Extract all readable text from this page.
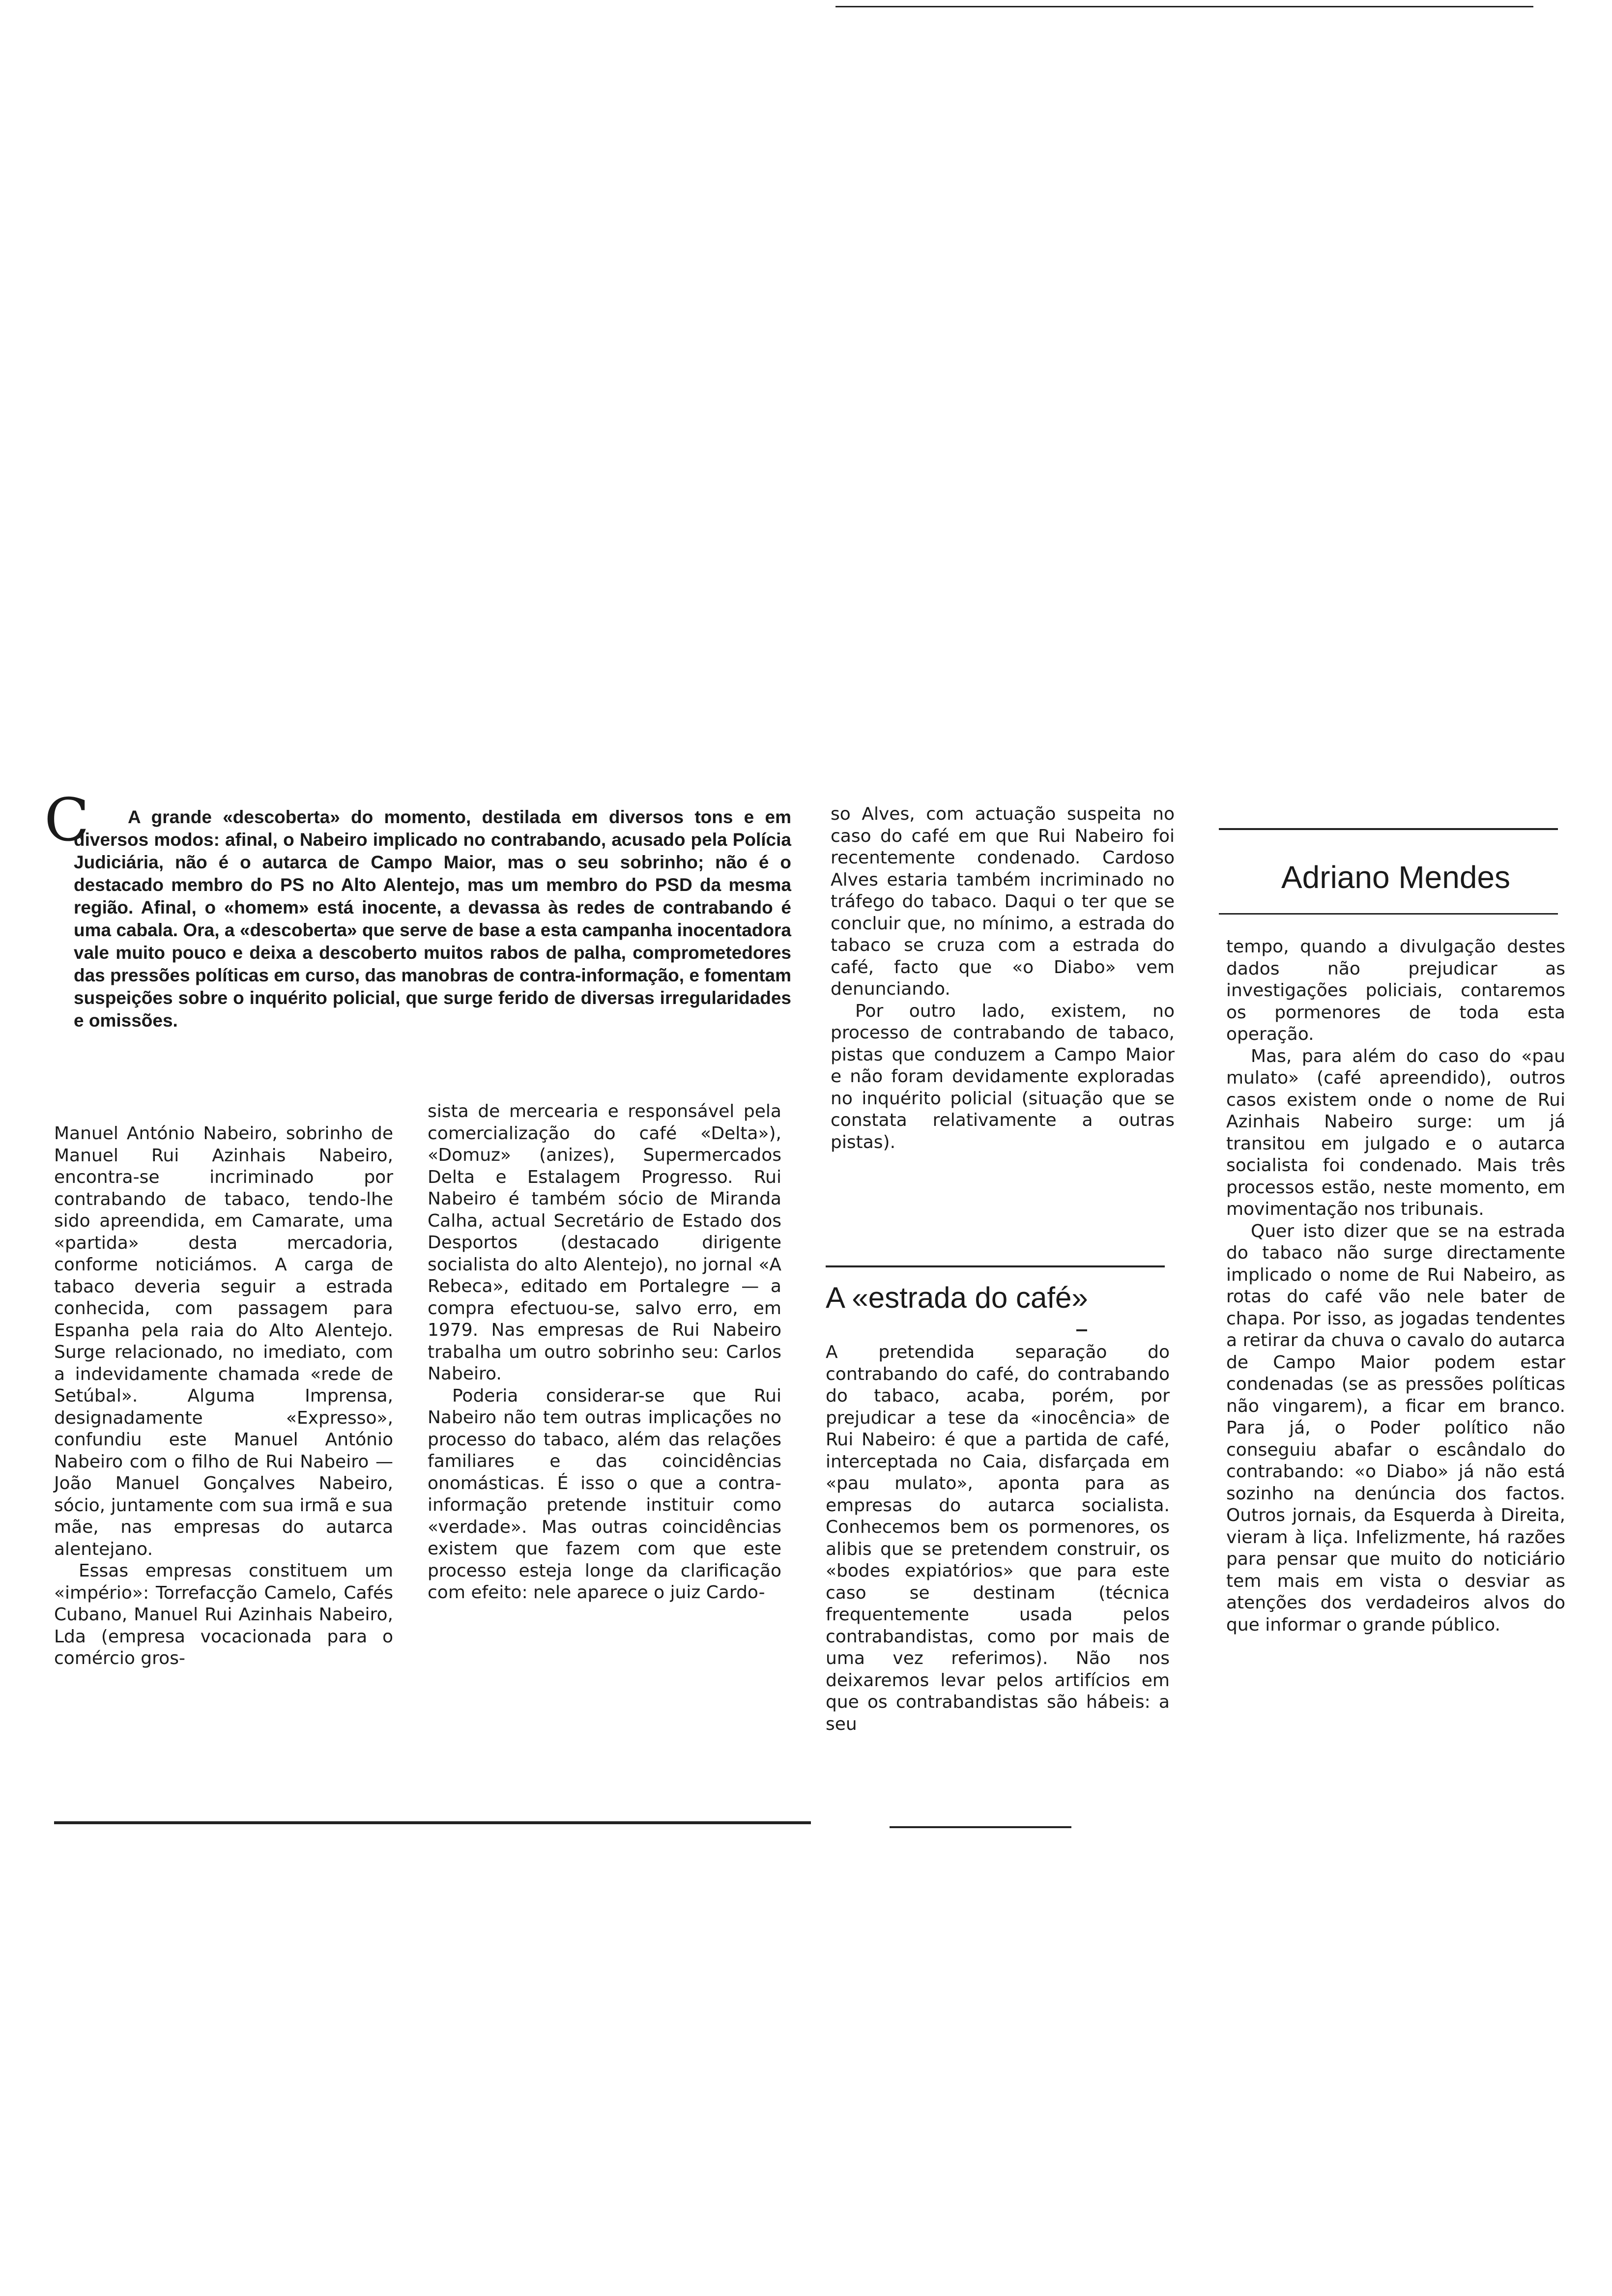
C	A grande «descoberta» do momento, destilada em diversos tons e em diversos modos: afinal, o Nabeiro implicado no contrabando, acusado pela Polícia Judiciária, não é o autarca de Campo Maior, mas o seu sobrinho; não é o destacado membro do PS no Alto Alentejo, mas um membro do PSD da mesma região. Afinal, o «homem» está inocente, a devassa às redes de contrabando é uma cabala. Ora, a «descoberta» que serve de base a esta campanha inocentadora vale muito pouco e deixa a descoberto muitos rabos de palha, comprometedores das pressões políticas em curso, das manobras de contra-informação, e fomentam suspeições sobre o inquérito policial, que surge ferido de diversas irregularidades e omissões.

Manuel António Nabeiro, sobrinho de Manuel Rui Azinhais Nabeiro, encontra-se incriminado por contrabando de tabaco, tendo-lhe sido apreendida, em Camarate, uma «partida» desta mercadoria, conforme noticiámos. A carga de tabaco deveria seguir a estrada conhecida, com passagem para Espanha pela raia do Alto Alentejo. Surge relacionado, no imediato, com a indevidamente chamada «rede de Setúbal». Alguma Imprensa, designadamente «Expresso», confundiu este Manuel António Nabeiro com o filho de Rui Nabeiro — João Manuel Gonçalves Nabeiro, sócio, juntamente com sua irmã e sua mãe, nas empresas do autarca alentejano.

Essas empresas constituem um «império»: Torrefacção Camelo, Cafés Cubano, Manuel Rui Azinhais Nabeiro, Lda (empresa vocacionada para o comércio gros-

sista de mercearia e responsável pela comercialização do café «Delta»), «Domuz» (anizes), Supermercados Delta e Estalagem Progresso. Rui Nabeiro é também sócio de Miranda Calha, actual Secretário de Estado dos Desportos (destacado dirigente socialista do alto Alentejo), no jornal «A Rebeca», editado em Portalegre — a compra efectuou-se, salvo erro, em 1979. Nas empresas de Rui Nabeiro trabalha um outro sobrinho seu: Carlos Nabeiro.

Poderia considerar-se que Rui Nabeiro não tem outras implicações no processo do tabaco, além das relações familiares e das coincidências onomásticas. É isso o que a contra-informação pretende instituir como «verdade». Mas outras coincidências existem que fazem com que este processo esteja longe da clarificação com efeito: nele aparece o juiz Cardo-

so Alves, com actuação suspeita no caso do café em que Rui Nabeiro foi recentemente condenado. Cardoso Alves estaria também incriminado no tráfego do tabaco. Daqui o ter que se concluir que, no mínimo, a estrada do tabaco se cruza com a estrada do café, facto que «o Diabo» vem denunciando.

Por outro lado, existem, no processo de contrabando de tabaco, pistas que conduzem a Campo Maior e não foram devidamente exploradas no inquérito policial (situação que se constata relativamente a outras pistas).

A «estrada do café»

A pretendida separação do contrabando do café, do contrabando do tabaco, acaba, porém, por prejudicar a tese da «inocência» de Rui Nabeiro: é que a partida de café, interceptada no Caia, disfarçada em «pau mulato», aponta para as empresas do autarca socialista. Conhecemos bem os pormenores, os alibis que se pretendem construir, os «bodes expiatórios» que para este caso se destinam (técnica frequentemente usada pelos contrabandistas, como por mais de uma vez referimos). Não nos deixaremos levar pelos artifícios em que os contrabandistas são hábeis: a seu

Adriano Mendes

tempo, quando a divulgação destes dados não prejudicar as investigações policiais, contaremos os pormenores de toda esta operação.

Mas, para além do caso do «pau mulato» (café apreendido), outros casos existem onde o nome de Rui Azinhais Nabeiro surge: um já transitou em julgado e o autarca socialista foi condenado. Mais três processos estão, neste momento, em movimentação nos tribunais.

Quer isto dizer que se na estrada do tabaco não surge directamente implicado o nome de Rui Nabeiro, as rotas do café vão nele bater de chapa. Por isso, as jogadas tendentes a retirar da chuva o cavalo do autarca de Campo Maior podem estar condenadas (se as pressões políticas não vingarem), a ficar em branco. Para já, o Poder político não conseguiu abafar o escândalo do contrabando: «o Diabo» já não está sozinho na denúncia dos factos. Outros jornais, da Esquerda à Direita, vieram à liça. Infelizmente, há razões para pensar que muito do noticiário tem mais em vista o desviar as atenções dos verdadeiros alvos do que informar o grande público.
